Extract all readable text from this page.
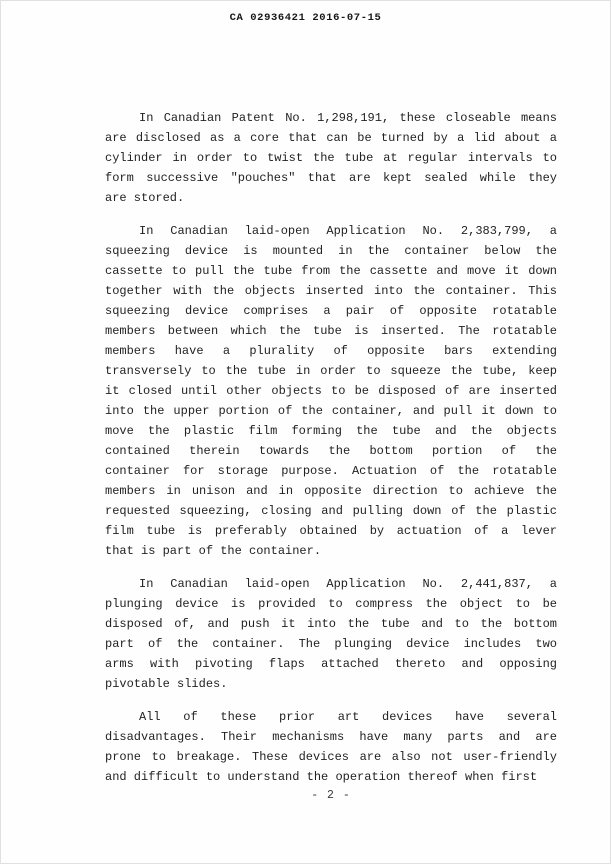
CA 02936421 2016-07-15
In Canadian Patent No. 1,298,191, these closeable means
are disclosed as a core that can be turned by a lid about a
cylinder in order to twist the tube at regular intervals to
form successive "pouches" that are kept sealed while they
are stored.
In Canadian laid-open Application No. 2,383,799, a
squeezing device is mounted in the container below the
cassette to pull the tube from the cassette and move it down
together with the objects inserted into the container. This
squeezing device comprises a pair of opposite rotatable
members between which the tube is inserted. The rotatable
members have a plurality of opposite bars extending
transversely to the tube in order to squeeze the tube, keep
it closed until other objects to be disposed of are inserted
into the upper portion of the container, and pull it down to
move the plastic film forming the tube and the objects
contained therein towards the bottom portion of the
container for storage purpose. Actuation of the rotatable
members in unison and in opposite direction to achieve the
requested squeezing, closing and pulling down of the plastic
film tube is preferably obtained by actuation of a lever
that is part of the container.
In Canadian laid-open Application No. 2,441,837, a
plunging device is provided to compress the object to be
disposed of, and push it into the tube and to the bottom
part of the container. The plunging device includes two
arms with pivoting flaps attached thereto and opposing
pivotable slides.
All of these prior art devices have several
disadvantages. Their mechanisms have many parts and are
prone to breakage. These devices are also not user-friendly
and difficult to understand the operation thereof when first
- 2 -
